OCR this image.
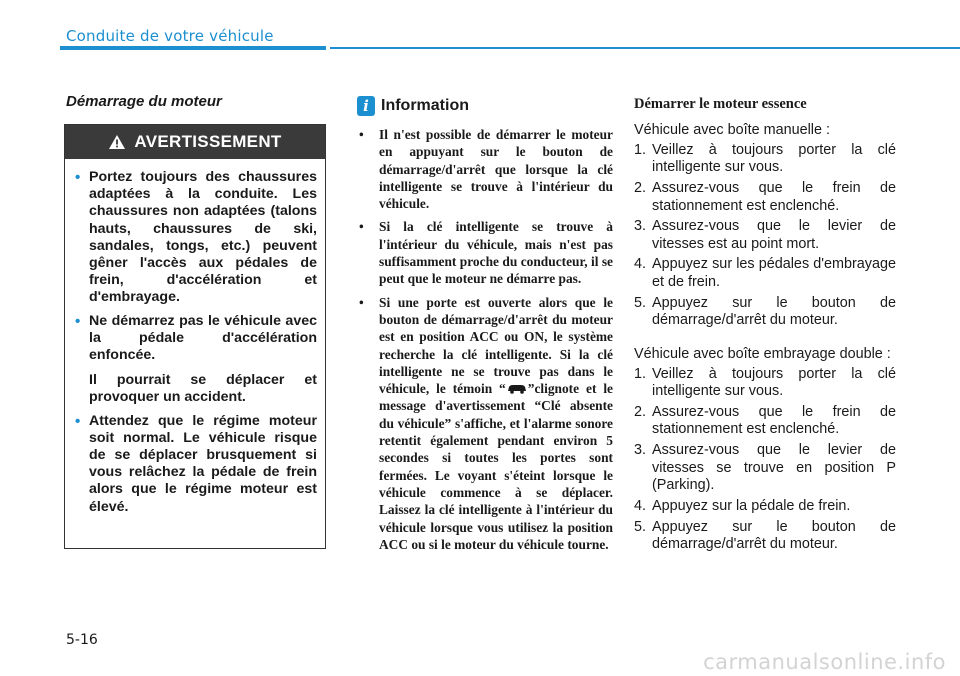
Conduite de votre véhicule
Démarrage du moteur
AVERTISSEMENT
• Portez toujours des chaussures adaptées à la conduite. Les chaussures non adaptées (talons hauts, chaussures de ski, sandales, tongs, etc.) peuvent gêner l'accès aux pédales de frein, d'accélération et d'embrayage.

• Ne démarrez pas le véhicule avec la pédale d'accélération enfoncée.

Il pourrait se déplacer et provoquer un accident.

• Attendez que le régime moteur soit normal. Le véhicule risque de se déplacer brusquement si vous relâchez la pédale de frein alors que le régime moteur est élevé.

i Information
• Il n'est possible de démarrer le moteur en appuyant sur le bouton de démarrage/d'arrêt que lorsque la clé intelligente se trouve à l'intérieur du véhicule.
• Si la clé intelligente se trouve à l'intérieur du véhicule, mais n'est pas suffisamment proche du conducteur, il se peut que le moteur ne démarre pas.
• Si une porte est ouverte alors que le bouton de démarrage/d'arrêt du moteur est en position ACC ou ON, le système recherche la clé intelligente. Si la clé intelligente ne se trouve pas dans le véhicule, le témoin “ ”clignote et le message d'avertissement “Clé absente du véhicule” s'affiche, et l'alarme sonore retentit également pendant environ 5 secondes si toutes les portes sont fermées. Le voyant s'éteint lorsque le véhicule commence à se déplacer. Laissez la clé intelligente à l'intérieur du véhicule lorsque vous utilisez la position ACC ou si le moteur du véhicule tourne.

Démarrer le moteur essence

Véhicule avec boîte manuelle :

1. Veillez à toujours porter la clé intelligente sur vous.
2. Assurez-vous que le frein de stationnement est enclenché.
3. Assurez-vous que le levier de vitesses est au point mort.
4. Appuyez sur les pédales d'embrayage et de frein.
5. Appuyez sur le bouton de démarrage/d'arrêt du moteur.

Véhicule avec boîte embrayage double :

1. Veillez à toujours porter la clé intelligente sur vous.
2. Assurez-vous que le frein de stationnement est enclenché.
3. Assurez-vous que le levier de vitesses se trouve en position P (Parking).
4. Appuyez sur la pédale de frein.
5. Appuyez sur le bouton de démarrage/d'arrêt du moteur.
5-16
carmanualsonline.info
